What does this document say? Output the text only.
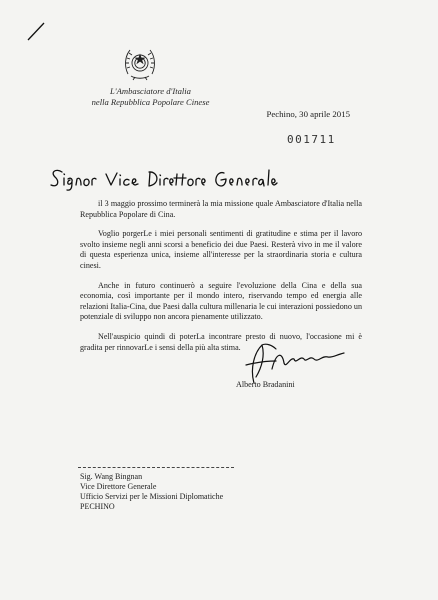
L'Ambasciatore d'Italia
nella Repubblica Popolare Cinese
Pechino, 30 aprile 2015
001711

il 3 maggio prossimo terminerà la mia missione quale Ambasciatore d'Italia nella Repubblica Popolare di Cina.

Voglio porgerLe i miei personali sentimenti di gratitudine e stima per il lavoro svolto insieme negli anni scorsi a beneficio dei due Paesi. Resterà vivo in me il valore di questa esperienza unica, insieme all'interesse per la straordinaria storia e cultura cinesi.

Anche in futuro continuerò a seguire l'evoluzione della Cina e della sua economia, così importante per il mondo intero, riservando tempo ed energia alle relazioni Italia-Cina, due Paesi dalla cultura millenaria le cui interazioni possiedono un potenziale di sviluppo non ancora pienamente utilizzato.

Nell'auspicio quindi di poterLa incontrare presto di nuovo, l'occasione mi è gradita per rinnovarLe i sensi della più alta stima.

Alberto Bradanini
Sig. Wang Bingnan
Vice Direttore Generale
Ufficio Servizi per le Missioni Diplomatiche
PECHINO
